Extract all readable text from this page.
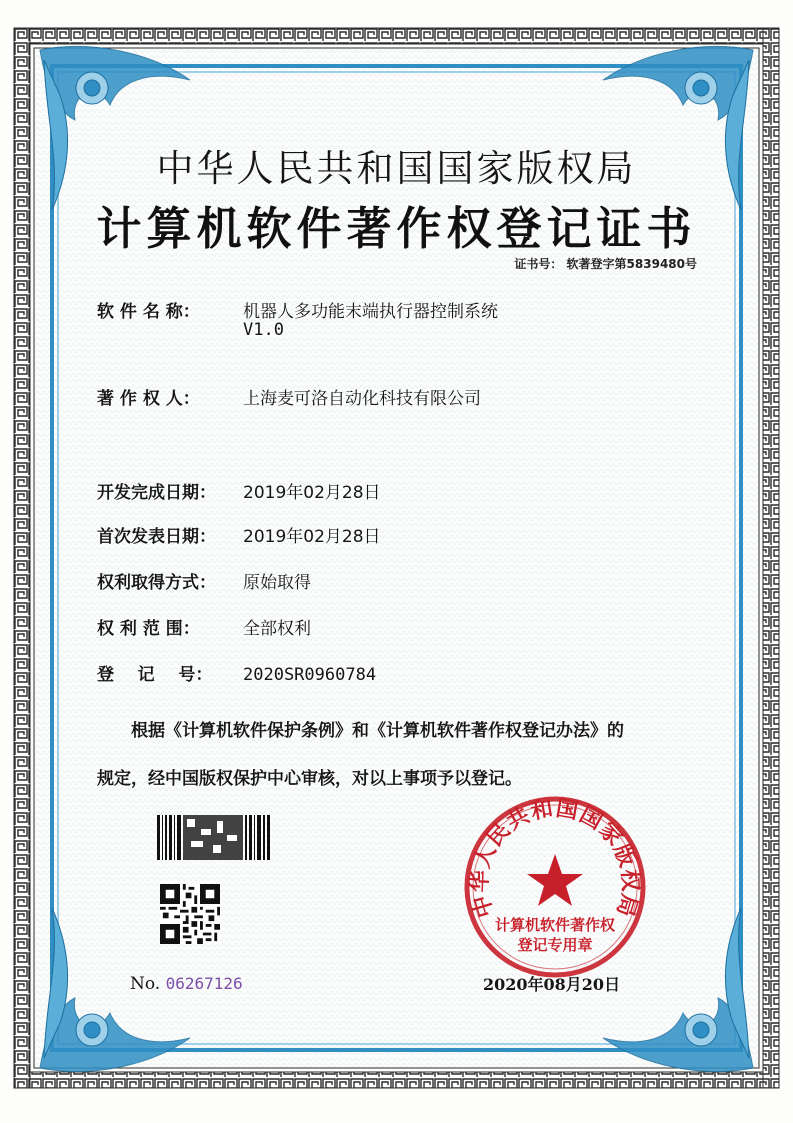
中华人民共和国国家版权局
计算机软件著作权登记证书
证书号： 软著登字第5839480号
软 件 名 称：	机器人多功能末端执行器控制系统
V1.0
著 作 权 人：	上海麦可洛自动化科技有限公司
开发完成日期： 2019年02月28日
首次发表日期： 2019年02月28日
权利取得方式： 原始取得
权 利 范 围：	全部权利
登    记    号： 2020SR0960784
根据《计算机软件保护条例》和《计算机软件著作权登记办法》的
规定，经中国版权保护中心审核，对以上事项予以登记。
No. 06267126
中华人民共和国国家版权局
计算机软件著作权
登记专用章
2020年08月20日
